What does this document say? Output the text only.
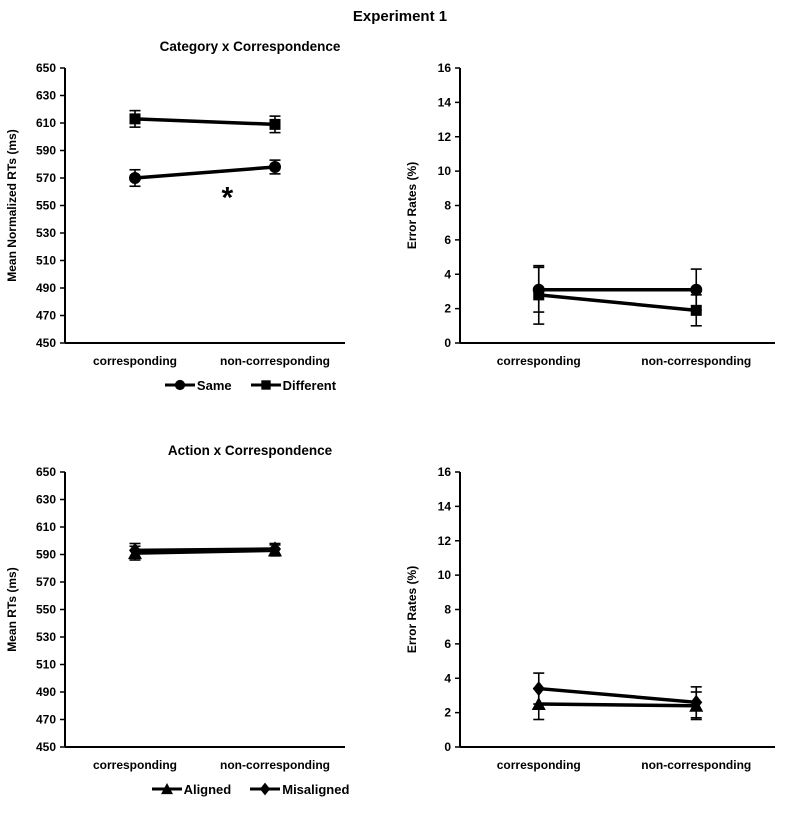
Experiment 1
Category x Correspondence
450
470
490
510
530
550
570
590
610
630
650
Mean Normalized RTs (ms)
corresponding	non-corresponding
*
0
2
4
6
8
10
12
14
16
Error Rates (%)
corresponding	non-corresponding
Same	Different
Action x Correspondence
450
470
490
510
530
550
570
590
610
630
650
Mean RTs (ms)
corresponding	non-corresponding
0
2
4
6
8
10
12
14
16
Error Rates (%)
corresponding	non-corresponding
Aligned	Misaligned
